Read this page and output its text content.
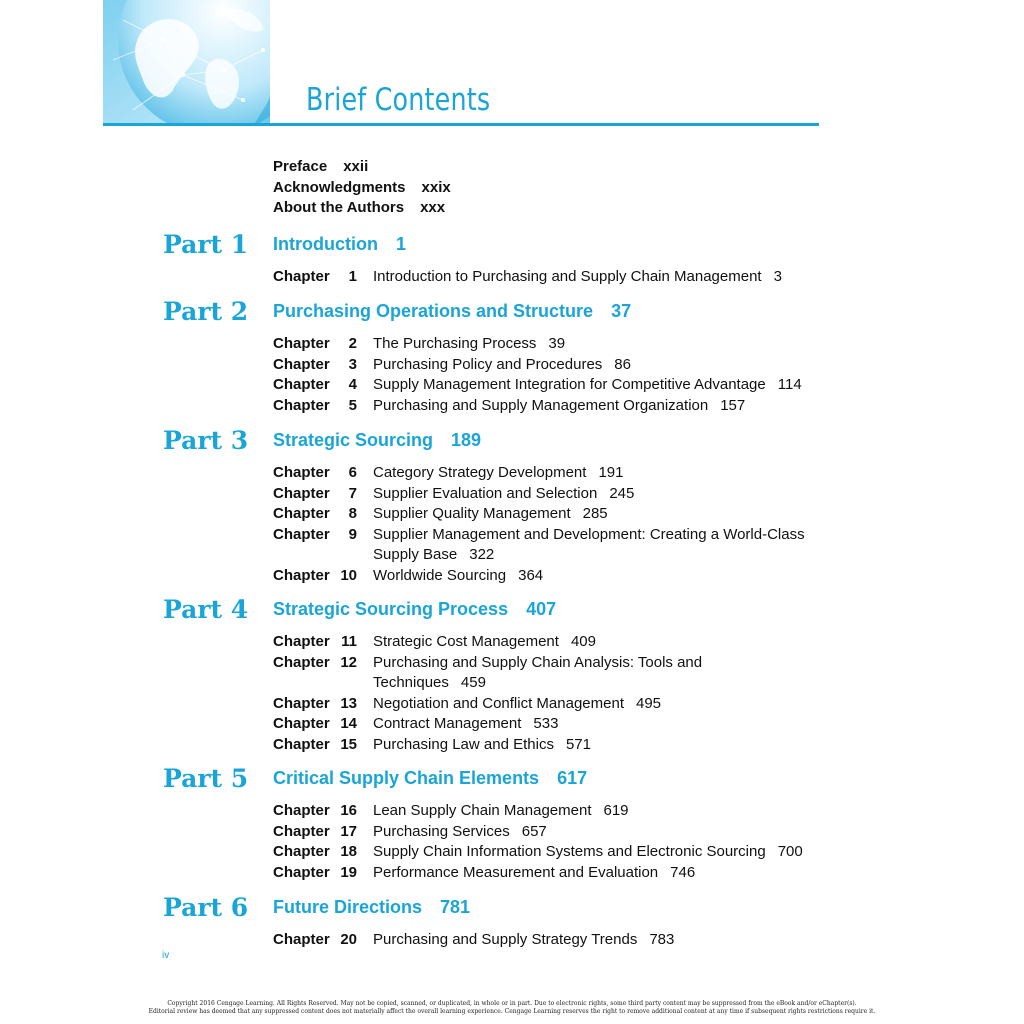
Brief Contents
Preface xxii
Acknowledgments xxix
About the Authors xxx
Part 1 Introduction 1
Chapter	1 Introduction to Purchasing and Supply Chain Management 3
Part 2 Purchasing Operations and Structure 37
Chapter	2 The Purchasing Process 39
Chapter	3 Purchasing Policy and Procedures 86
Chapter	4 Supply Management Integration for Competitive Advantage 114
Chapter	5 Purchasing and Supply Management Organization 157
Part 3 Strategic Sourcing 189
Chapter	6 Category Strategy Development 191
Chapter	7 Supplier Evaluation and Selection 245
Chapter	8 Supplier Quality Management 285
Chapter	9 Supplier Management and Development: Creating a World-Class Supply Base 322
Chapter 10 Worldwide Sourcing 364
Part 4 Strategic Sourcing Process 407
Chapter 11 Strategic Cost Management 409
Chapter 12 Purchasing and Supply Chain Analysis: Tools and Techniques 459
Chapter 13 Negotiation and Conflict Management 495
Chapter 14 Contract Management 533
Chapter 15 Purchasing Law and Ethics 571
Part 5 Critical Supply Chain Elements 617
Chapter 16 Lean Supply Chain Management 619
Chapter 17 Purchasing Services 657
Chapter 18 Supply Chain Information Systems and Electronic Sourcing 700
Chapter 19 Performance Measurement and Evaluation 746
Part 6 Future Directions 781
Chapter 20 Purchasing and Supply Strategy Trends 783
iv
Copyright 2016 Cengage Learning. All Rights Reserved. May not be copied, scanned, or duplicated, in whole or in part. Due to electronic rights, some third party content may be suppressed from the eBook and/or eChapter(s).
Editorial review has deemed that any suppressed content does not materially affect the overall learning experience. Cengage Learning reserves the right to remove additional content at any time if subsequent rights restrictions require it.
